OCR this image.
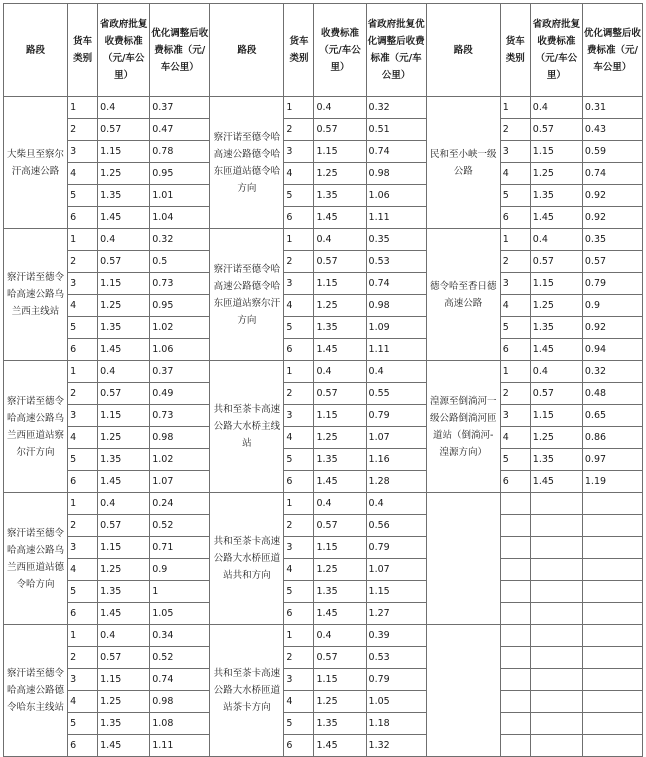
路段	货车类别	省政府批复收费标准（元/车公里）	优化调整后收费标准（元/车公里）	路段	货车类别	收费标准（元/车公里）	省政府批复优化调整后收费标准（元/车公里）	路段	货车类别	省政府批复收费标准（元/车公里）	优化调整后收费标准（元/车公里）
大柴旦至察尔汗高速公路	1	0.4	0.37	察汗诺至德令哈高速公路德令哈东匝道站德令哈方向	1	0.4	0.32	民和至小峡一级公路	1	0.4	0.31
	2	0.57	0.47		2	0.57	0.51		2	0.57	0.43
	3	1.15	0.78		3	1.15	0.74		3	1.15	0.59
	4	1.25	0.95		4	1.25	0.98		4	1.25	0.74
	5	1.35	1.01		5	1.35	1.06		5	1.35	0.92
	6	1.45	1.04		6	1.45	1.11		6	1.45	0.92
察汗诺至德令哈高速公路乌兰西主线站	1	0.4	0.32	察汗诺至德令哈高速公路德令哈东匝道站察尔汗方向	1	0.4	0.35	德令哈至香日德高速公路	1	0.4	0.35
	2	0.57	0.5		2	0.57	0.53		2	0.57	0.57
	3	1.15	0.73		3	1.15	0.74		3	1.15	0.79
	4	1.25	0.95		4	1.25	0.98		4	1.25	0.9
	5	1.35	1.02		5	1.35	1.09		5	1.35	0.92
	6	1.45	1.06		6	1.45	1.11		6	1.45	0.94
察汗诺至德令哈高速公路乌兰西匝道站察尔汗方向	1	0.4	0.37	共和至茶卡高速公路大水桥主线站	1	0.4	0.4	湟源至倒淌河一级公路倒淌河匝道站（倒淌河-湟源方向）	1	0.4	0.32
	2	0.57	0.49		2	0.57	0.55		2	0.57	0.48
	3	1.15	0.73		3	1.15	0.79		3	1.15	0.65
	4	1.25	0.98		4	1.25	1.07		4	1.25	0.86
	5	1.35	1.02		5	1.35	1.16		5	1.35	0.97
	6	1.45	1.07		6	1.45	1.28		6	1.45	1.19
察汗诺至德令哈高速公路乌兰西匝道站德令哈方向	1	0.4	0.24	共和至茶卡高速公路大水桥匝道站共和方向	1	0.4	0.4				
	2	0.57	0.52		2	0.57	0.56				
	3	1.15	0.71		3	1.15	0.79				
	4	1.25	0.9		4	1.25	1.07				
	5	1.35	1		5	1.35	1.15				
	6	1.45	1.05		6	1.45	1.27				
察汗诺至德令哈高速公路德令哈东主线站	1	0.4	0.34	共和至茶卡高速公路大水桥匝道站茶卡方向	1	0.4	0.39				
	2	0.57	0.52		2	0.57	0.53				
	3	1.15	0.74		3	1.15	0.79				
	4	1.25	0.98		4	1.25	1.05				
	5	1.35	1.08		5	1.35	1.18				
	6	1.45	1.11		6	1.45	1.32				
